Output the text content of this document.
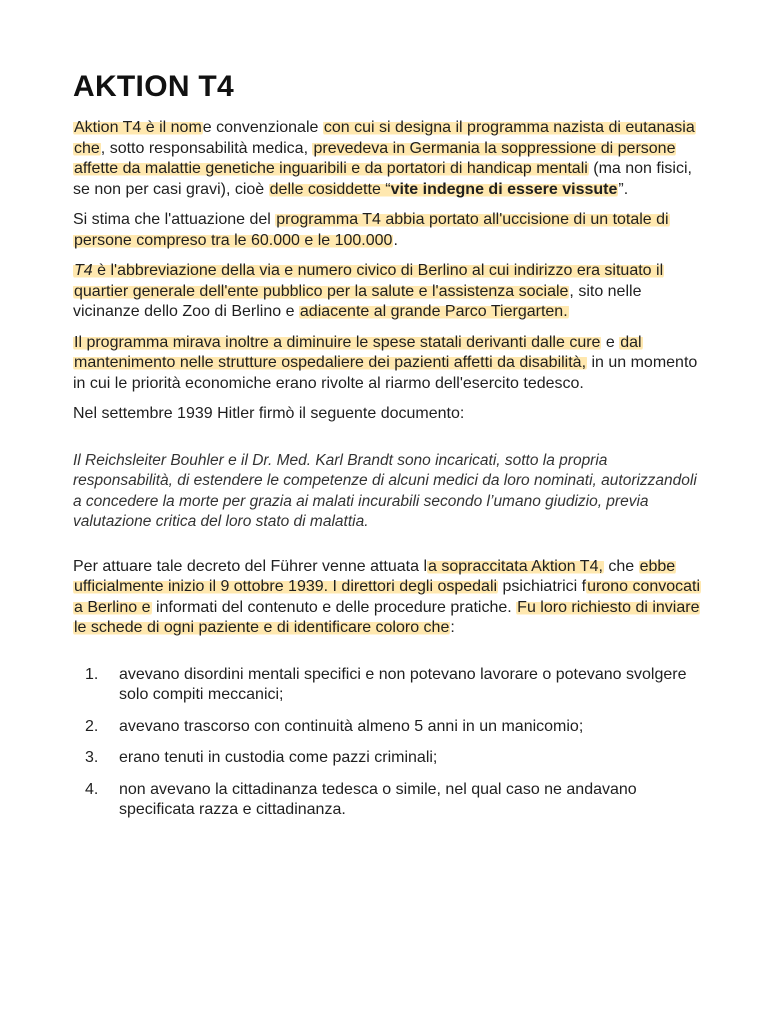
AKTION T4

Aktion T4 è il nome convenzionale con cui si designa il programma nazista di eutanasia che, sotto responsabilità medica, prevedeva in Germania la soppressione di persone affette da malattie genetiche inguaribili e da portatori di handicap mentali (ma non fisici, se non per casi gravi), cioè delle cosiddette “vite indegne di essere vissute”.

Si stima che l'attuazione del programma T4 abbia portato all'uccisione di un totale di persone compreso tra le 60.000 e le 100.000.

T4 è l'abbreviazione della via e numero civico di Berlino al cui indirizzo era situato il quartier generale dell'ente pubblico per la salute e l'assistenza sociale, sito nelle vicinanze dello Zoo di Berlino e adiacente al grande Parco Tiergarten.

Il programma mirava inoltre a diminuire le spese statali derivanti dalle cure e dal mantenimento nelle strutture ospedaliere dei pazienti affetti da disabilità, in un momento in cui le priorità economiche erano rivolte al riarmo dell'esercito tedesco.

Nel settembre 1939 Hitler firmò il seguente documento:

Il Reichsleiter Bouhler e il Dr. Med. Karl Brandt sono incaricati, sotto la propria responsabilità, di estendere le competenze di alcuni medici da loro nominati, autorizzandoli a concedere la morte per grazia ai malati incurabili secondo l’umano giudizio, previa valutazione critica del loro stato di malattia.

Per attuare tale decreto del Führer venne attuata la sopraccitata Aktion T4, che ebbe ufficialmente inizio il 9 ottobre 1939. I direttori degli ospedali psichiatrici furono convocati a Berlino e informati del contenuto e delle procedure pratiche. Fu loro richiesto di inviare le schede di ogni paziente e di identificare coloro che:

1.	avevano disordini mentali specifici e non potevano lavorare o potevano svolgere solo compiti meccanici;
2.	avevano trascorso con continuità almeno 5 anni in un manicomio;
3.	erano tenuti in custodia come pazzi criminali;
4.	non avevano la cittadinanza tedesca o simile, nel qual caso ne andavano specificata razza e cittadinanza.
